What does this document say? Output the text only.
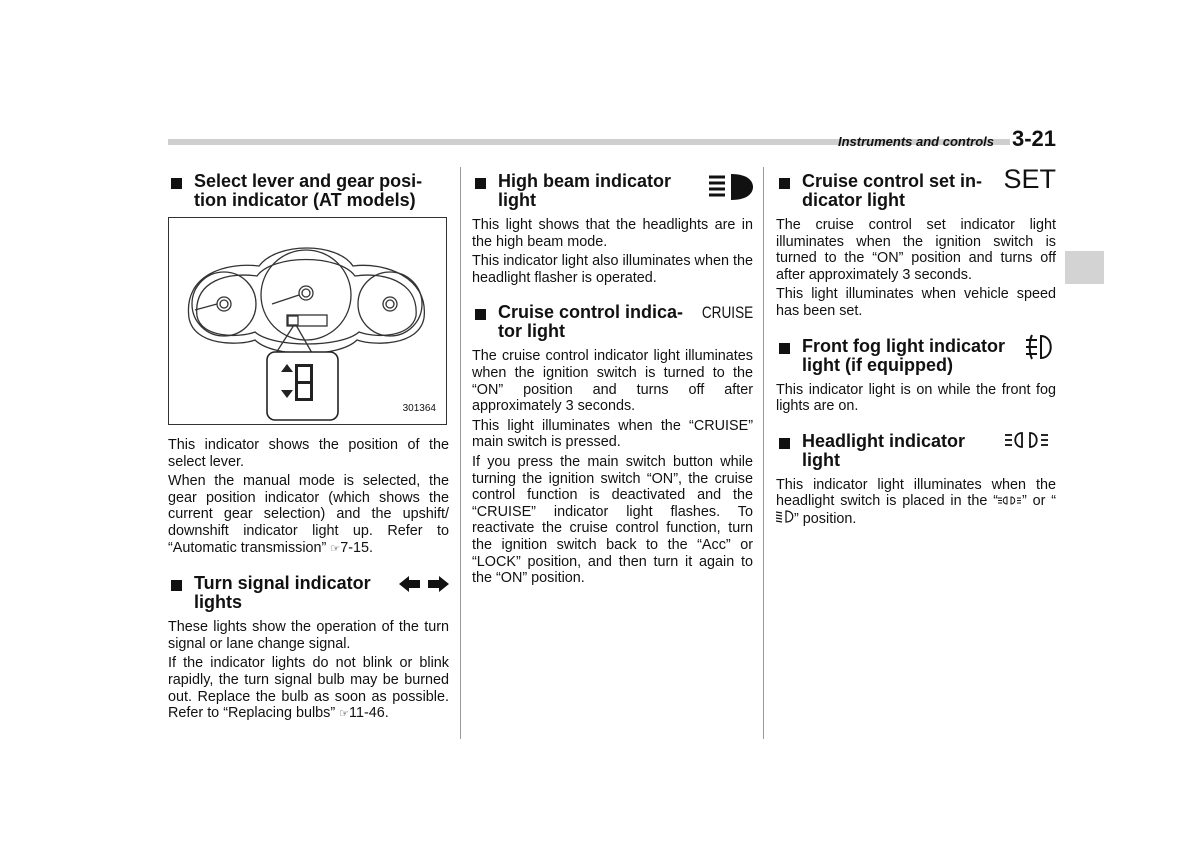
Instruments and controls 3-21
Select lever and gear posi-
tion indicator (AT models)
301364

This indicator shows the position of the select lever.

When the manual mode is selected, the gear position indicator (which shows the current gear selection) and the upshift/ downshift indicator light up. Refer to “Automatic transmission” ☞ 7-15.

Turn signal indicator
lights

These lights show the operation of the turn signal or lane change signal.

If the indicator lights do not blink or blink rapidly, the turn signal bulb may be burned out. Replace the bulb as soon as possible. Refer to “Replacing bulbs” ☞ 11-46.

High beam indicator
light

This light shows that the headlights are in the high beam mode.

This indicator light also illuminates when the headlight flasher is operated.

Cruise control indica-
tor light
CRUISE

The cruise control indicator light illuminates when the ignition switch is turned to the “ON” position and turns off after approximately 3 seconds.

This light illuminates when the “CRUISE” main switch is pressed.

If you press the main switch button while turning the ignition switch “ON”, the cruise control function is deactivated and the “CRUISE” indicator light flashes. To reactivate the cruise control function, turn the ignition switch back to the “Acc” or “LOCK” position, and then turn it again to the “ON” position.

Cruise control set in-
dicator light
SET

The cruise control set indicator light illuminates when the ignition switch is turned to the “ON” position and turns off after approximately 3 seconds.

This light illuminates when vehicle speed has been set.

Front fog light indicator
light (if equipped)

This indicator light is on while the front fog lights are on.

Headlight indicator
light

This indicator light illuminates when the headlight switch is placed in the “ ” or “” position.
